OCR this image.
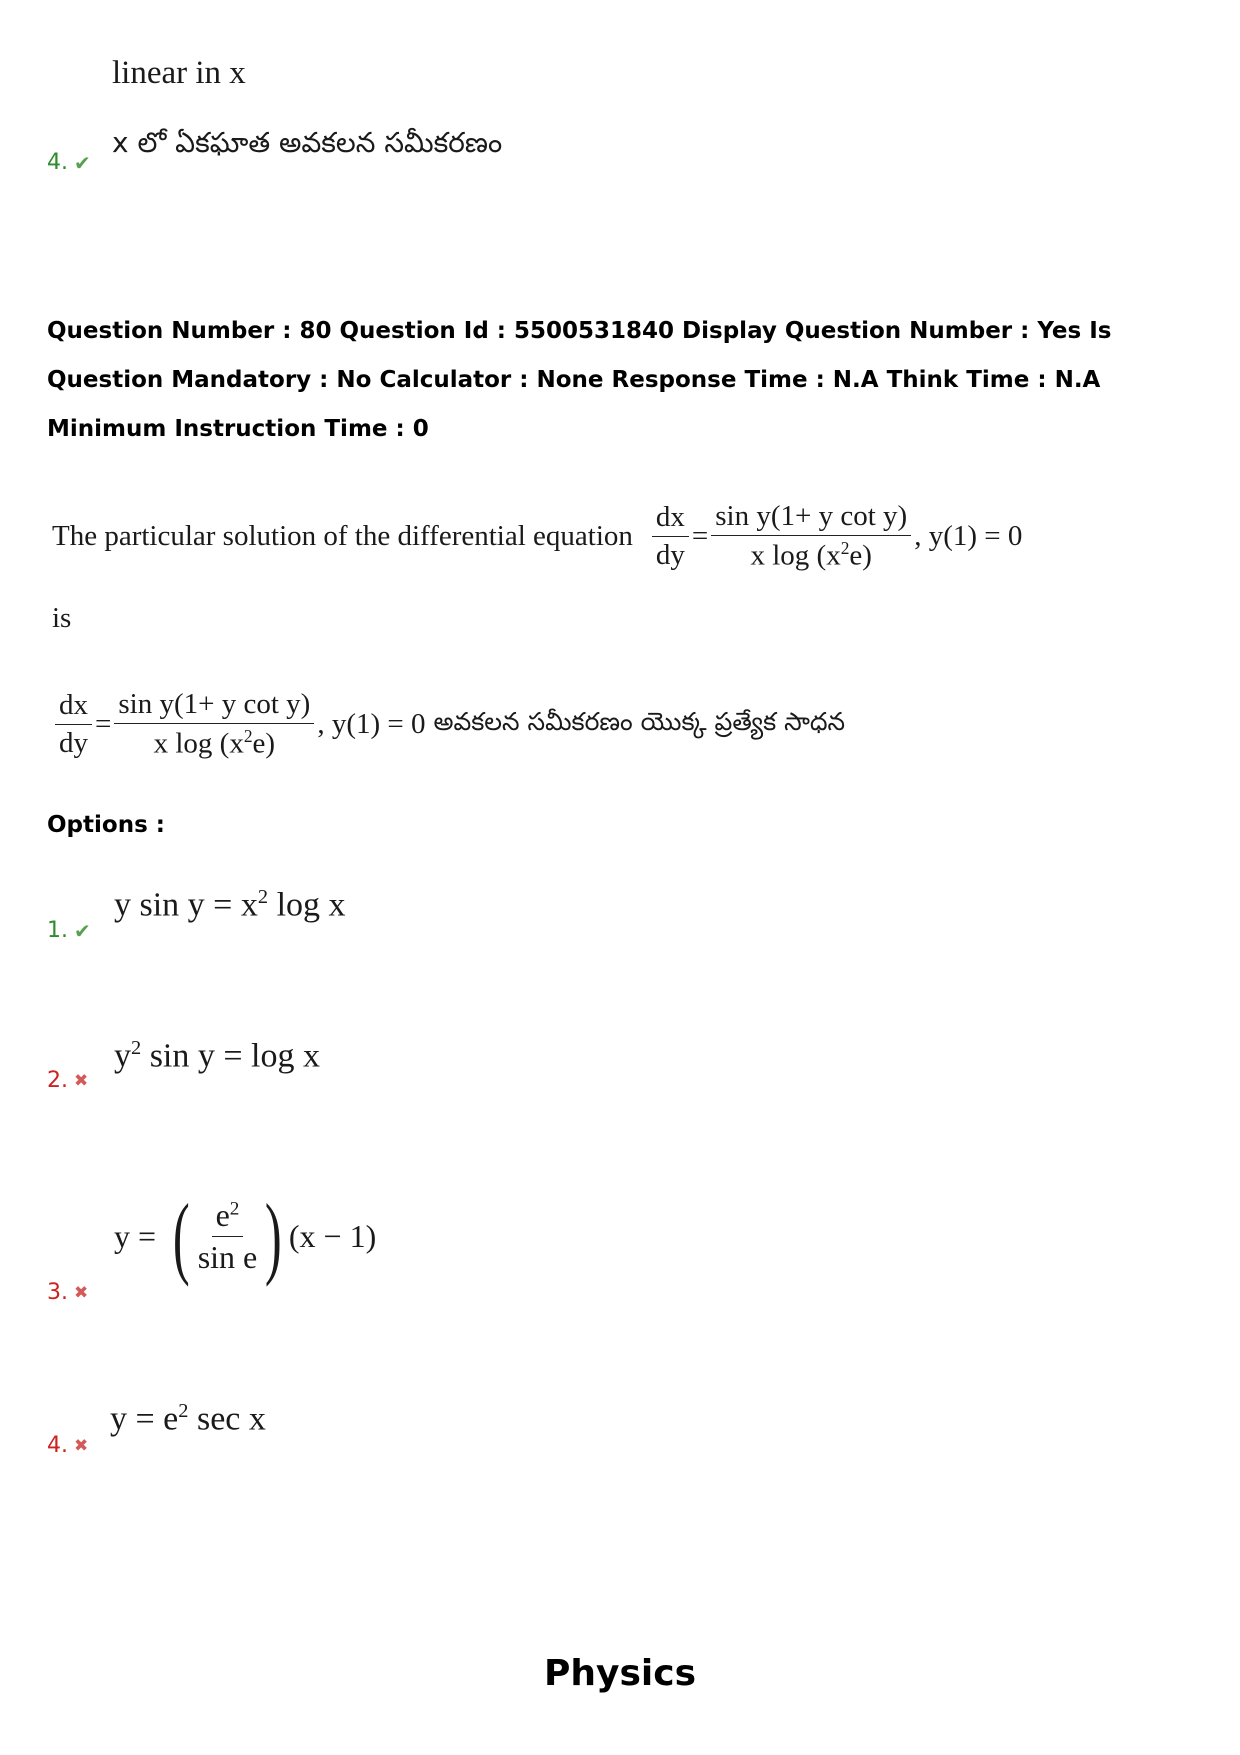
linear in x
4. ✔
x లో ఏకఘాత అవకలన సమీకరణం
Question Number : 80 Question Id : 5500531840 Display Question Number : Yes Is Question Mandatory : No Calculator : None Response Time : N.A Think Time : N.A Minimum Instruction Time : 0
The particular solution of the differential equation $\frac{dx}{dy} = \frac{\text{sin y(1+ y cot y)}}{x \log (x^2e)}$ , y(1) = 0
is
$\frac{dx}{dy} = \frac{\text{sin y(1+ y cot y)}}{x \log (x^2e)}$ , y(1) = 0 అవకలన సమీకరణం యొక్క ప్రత్యేక సాధన
Options :
1. ✔
y $\sin y = x^2$ log x
2. ✖
$y^2$ sin y = log x
3. ✖
y = ( $\frac{e^2}{\text{sin e}}$ ) (x − 1)
4. ✖
$y = e^2$ sec x
Physics
